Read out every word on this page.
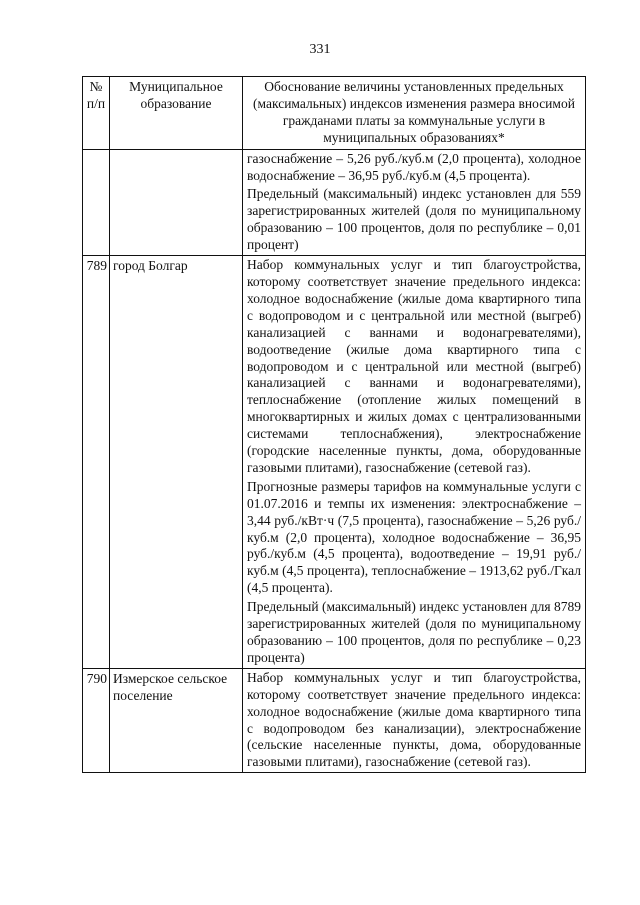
331
№ п/п	Муниципальное образование	Обоснование величины установленных предельных (максимальных) индексов изменения размера вносимой гражданами платы за коммунальные услуги в муниципальных образованиях*

		газоснабжение – 5,26 руб./куб.м (2,0 процента), холодное водоснабжение – 36,95 руб./куб.м (4,5 процента).

Предельный (максимальный) индекс установлен для 559 зарегистрированных жителей (доля по муниципальному образованию – 100 процентов, доля по республике – 0,01 процент)

789	город Болгар	Набор коммунальных услуг и тип благоустройства, которому соответствует значение предельного индекса: холодное водоснабжение (жилые дома квартирного типа с водопроводом и с центральной или местной (выгреб) канализацией с ваннами и водонагревателями), водоотведение (жилые дома квартирного типа с водопроводом и с центральной или местной (выгреб) канализацией с ваннами и водонагревателями), теплоснабжение (отопление жилых помещений в многоквартирных и жилых домах с централизованными системами теплоснабжения), электроснабжение (городские населенные пункты, дома, оборудованные газовыми плитами), газоснабжение (сетевой газ).

Прогнозные размеры тарифов на коммунальные услуги с 01.07.2016 и темпы их изменения: электроснабжение – 3,44 руб./кВт·ч (7,5 процента), газоснабжение – 5,26 руб./куб.м (2,0 процента), холодное водоснабжение – 36,95 руб./куб.м (4,5 процента), водоотведение – 19,91 руб./куб.м (4,5 процента), теплоснабжение – 1913,62 руб./Гкал (4,5 процента).

Предельный (максимальный) индекс установлен для 8789 зарегистрированных жителей (доля по муниципальному образованию – 100 процентов, доля по республике – 0,23 процента)

790	Измерское сельское поселение	Набор коммунальных услуг и тип благоустройства, которому соответствует значение предельного индекса: холодное водоснабжение (жилые дома квартирного типа с водопроводом без канализации), электроснабжение (сельские населенные пункты, дома, оборудованные газовыми плитами), газоснабжение (сетевой газ).
